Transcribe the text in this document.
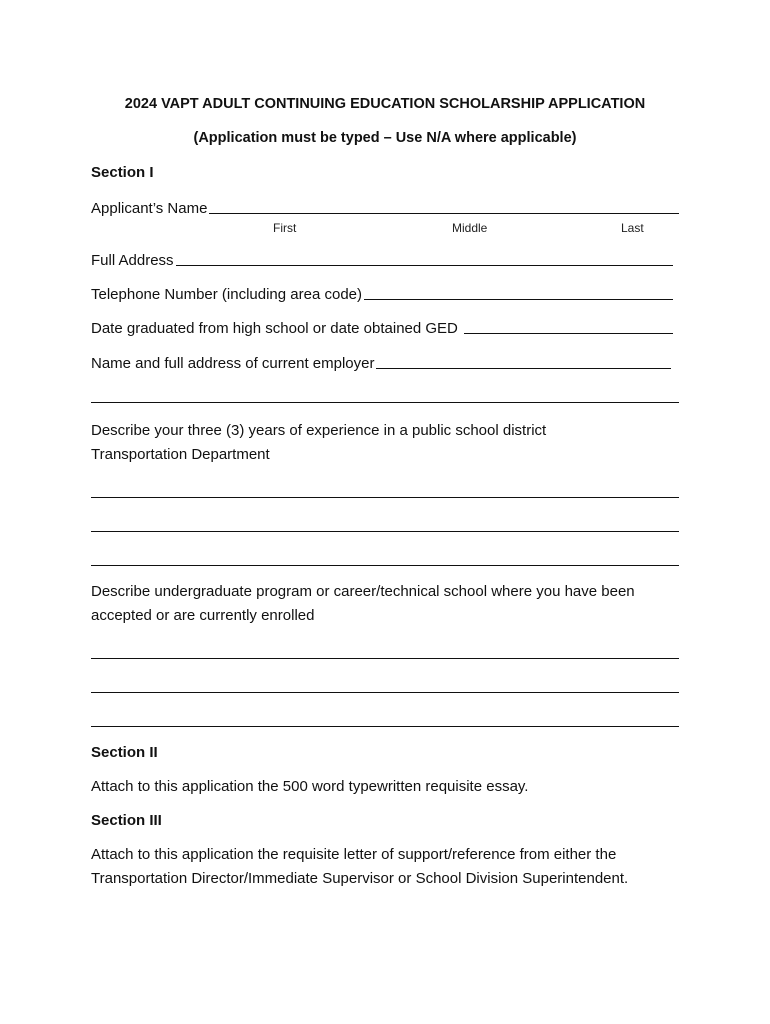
2024 VAPT ADULT CONTINUING EDUCATION SCHOLARSHIP APPLICATION
(Application must be typed – Use N/A where applicable)
Section I
Applicant’s Name
First	Middle	Last
Full Address
Telephone Number (including area code)
Date graduated from high school or date obtained GED
Name and full address of current employer
Describe your three (3) years of experience in a public school district
Transportation Department
Describe undergraduate program or career/technical school where you have been
accepted or are currently enrolled
Section II
Attach to this application the 500 word typewritten requisite essay.
Section III
Attach to this application the requisite letter of support/reference from either the
Transportation Director/Immediate Supervisor or School Division Superintendent.
